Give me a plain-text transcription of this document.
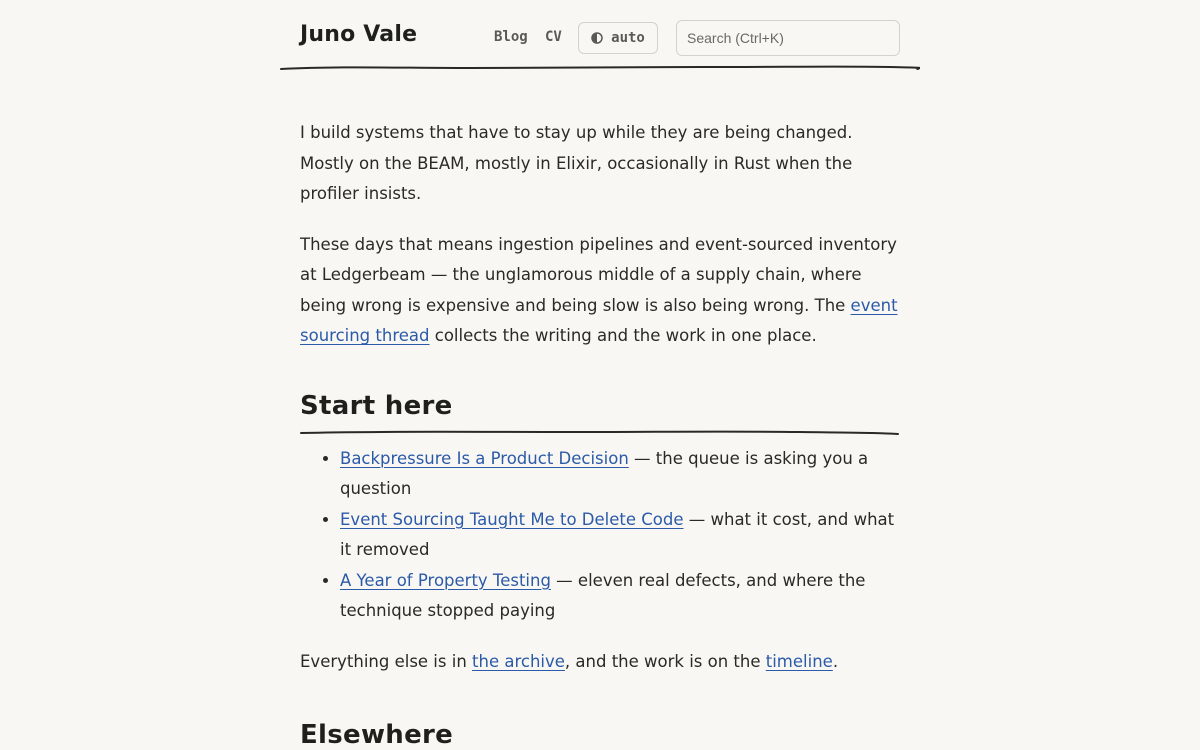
Juno Vale	Blog CV	auto
Search (Ctrl+K)

I build systems that have to stay up while they are being changed. Mostly on the BEAM, mostly in Elixir, occasionally in Rust when the profiler insists.

These days that means ingestion pipelines and event-sourced inventory at Ledgerbeam — the unglamorous middle of a supply chain, where being wrong is expensive and being slow is also being wrong. The event sourcing thread collects the writing and the work in one place.

Start here
• Backpressure Is a Product Decision — the queue is asking you a question
• Event Sourcing Taught Me to Delete Code — what it cost, and what it removed
• A Year of Property Testing — eleven real defects, and where the technique stopped paying

Everything else is in the archive, and the work is on the timeline.

Elsewhere
